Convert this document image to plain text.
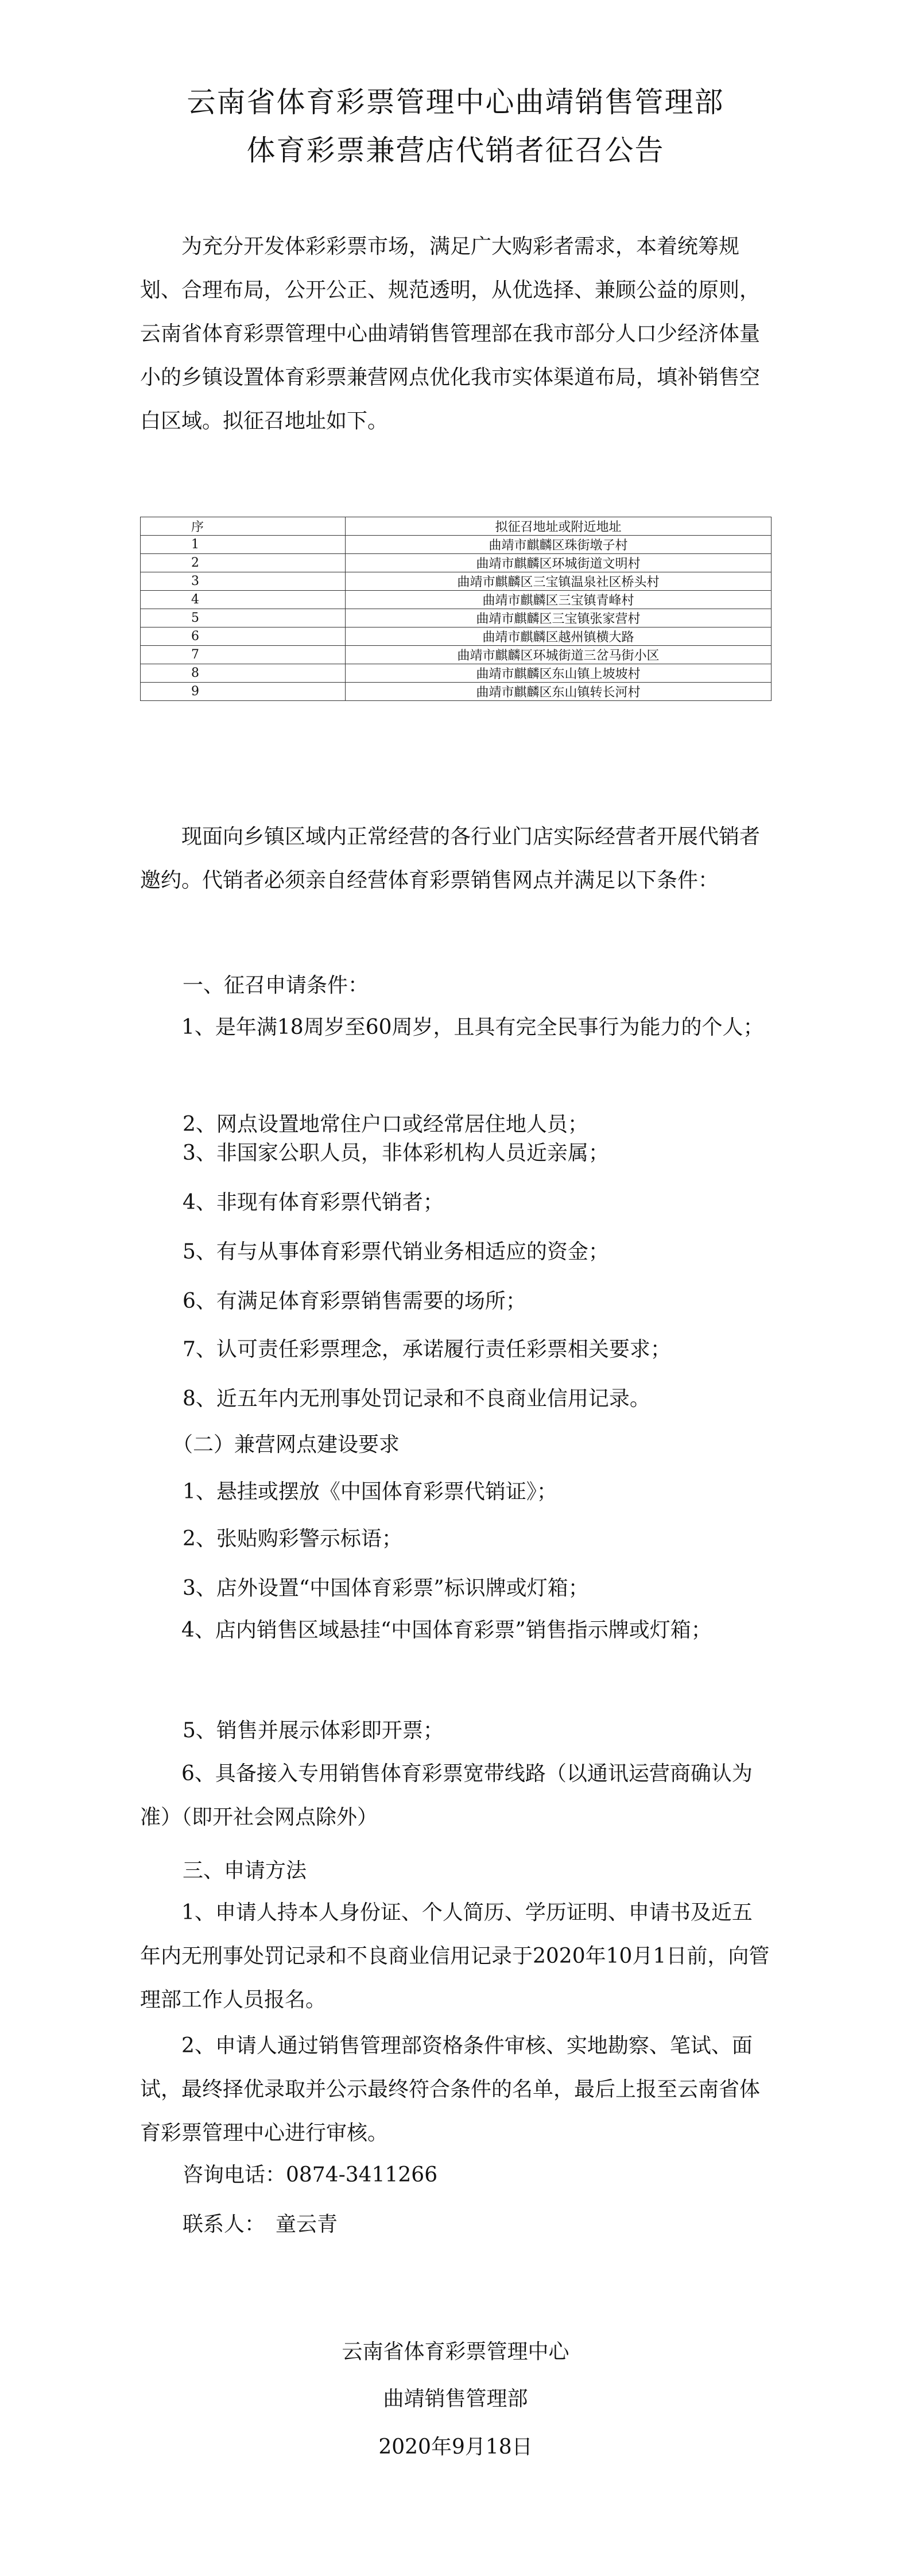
云南省体育彩票管理中心曲靖销售管理部
体育彩票兼营店代销者征召公告
为充分开发体彩彩票市场，满足广大购彩者需求，本着统筹规划、合理布局，公开公正、规范透明，从优选择、兼顾公益的原则，云南省体育彩票管理中心曲靖销售管理部在我市部分人口少经济体量小的乡镇设置体育彩票兼营网点优化我市实体渠道布局，填补销售空白区域。拟征召地址如下。
序	拟征召地址或附近地址
1	曲靖市麒麟区珠街墩子村
2	曲靖市麒麟区环城街道文明村
3	曲靖市麒麟区三宝镇温泉社区桥头村
4	曲靖市麒麟区三宝镇青峰村
5	曲靖市麒麟区三宝镇张家营村
6	曲靖市麒麟区越州镇横大路
7	曲靖市麒麟区环城街道三岔马街小区
8	曲靖市麒麟区东山镇上坡坡村
9	曲靖市麒麟区东山镇转长河村
现面向乡镇区域内正常经营的各行业门店实际经营者开展代销者邀约。代销者必须亲自经营体育彩票销售网点并满足以下条件：
一、征召申请条件：
1、是年满18周岁至60周岁，且具有完全民事行为能力的个人；
2、网点设置地常住户口或经常居住地人员；
3、非国家公职人员，非体彩机构人员近亲属；
4、非现有体育彩票代销者；
5、有与从事体育彩票代销业务相适应的资金；
6、有满足体育彩票销售需要的场所；
7、认可责任彩票理念，承诺履行责任彩票相关要求；
8、近五年内无刑事处罚记录和不良商业信用记录。
（二）兼营网点建设要求
1、悬挂或摆放《中国体育彩票代销证》；
2、张贴购彩警示标语；
3、店外设置“中国体育彩票”标识牌或灯箱；
4、店内销售区域悬挂“中国体育彩票”销售指示牌或灯箱；
5、销售并展示体彩即开票；
6、具备接入专用销售体育彩票宽带线路（以通讯运营商确认为准）（即开社会网点除外）
三、申请方法
1、申请人持本人身份证、个人简历、学历证明、申请书及近五年内无刑事处罚记录和不良商业信用记录于2020年10月1日前，向管理部工作人员报名。
2、申请人通过销售管理部资格条件审核、实地勘察、笔试、面试，最终择优录取并公示最终符合条件的名单，最后上报至云南省体育彩票管理中心进行审核。
咨询电话：0874-3411266
联系人：　童云青
云南省体育彩票管理中心
曲靖销售管理部
2020年9月18日
